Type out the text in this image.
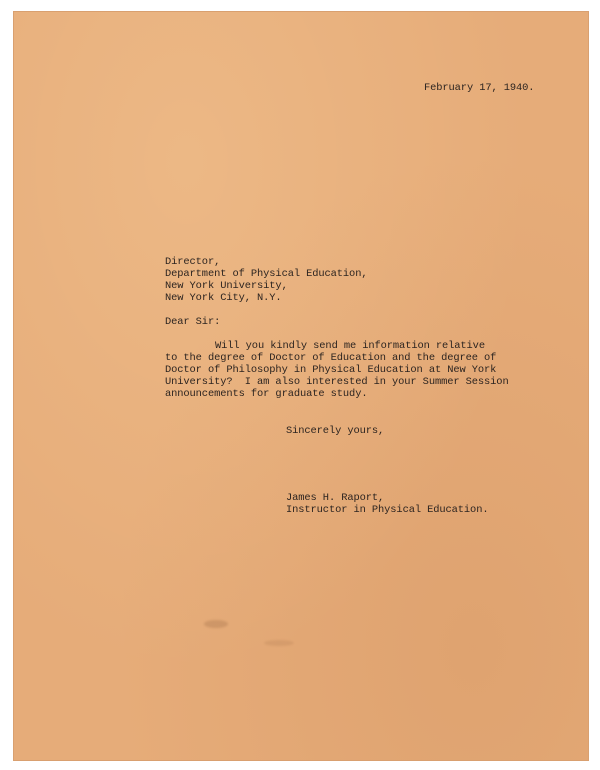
February 17, 1940.
Director,
Department of Physical Education,
New York University,
New York City, N.Y.
Dear Sir:
Will you kindly send me information relative
to the degree of Doctor of Education and the degree of
Doctor of Philosophy in Physical Education at New York
University?  I am also interested in your Summer Session
announcements for graduate study.
Sincerely yours,
James H. Raport,
Instructor in Physical Education.
